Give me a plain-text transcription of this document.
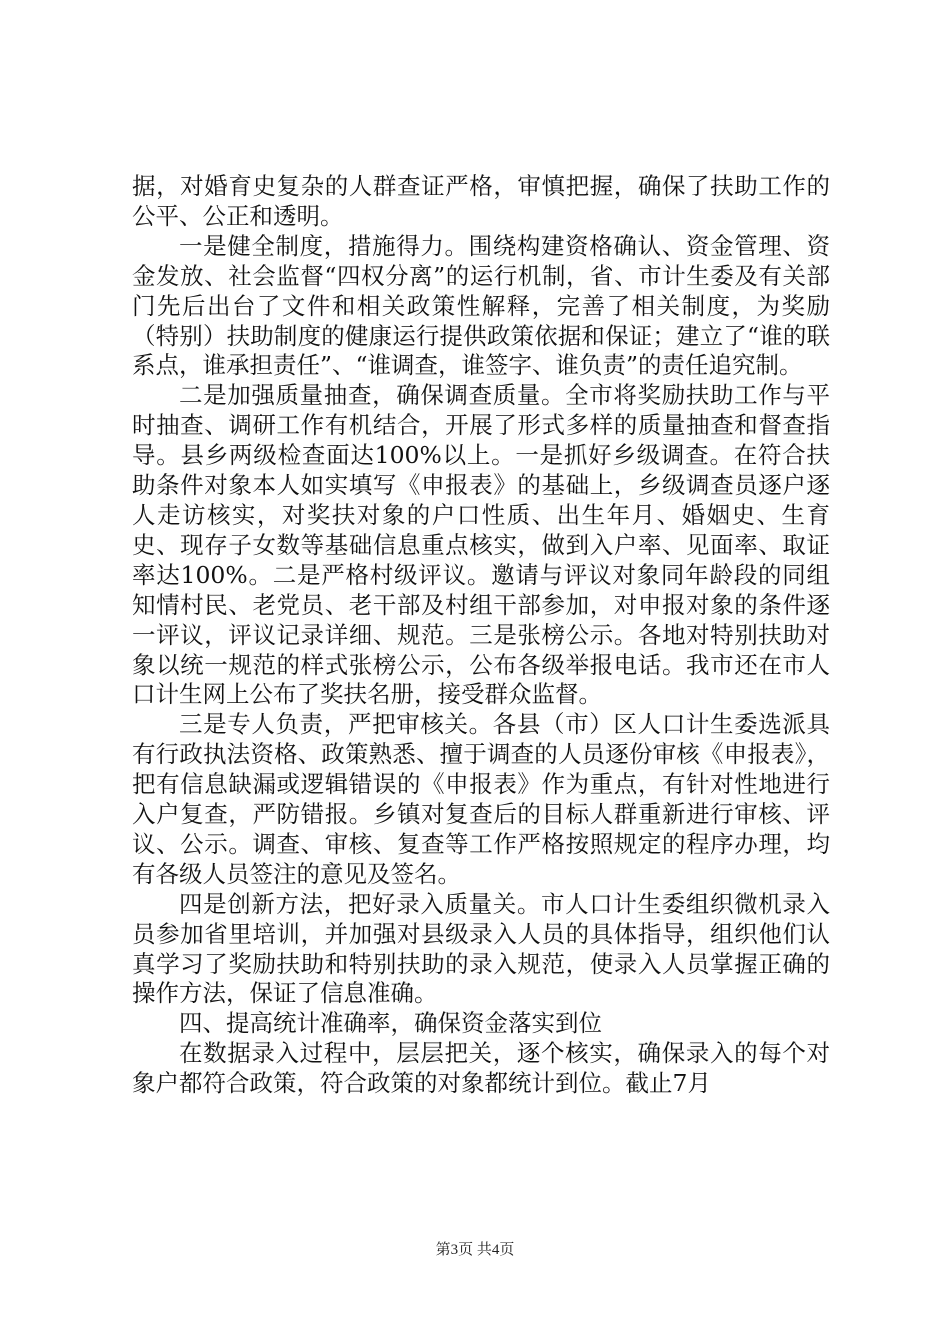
据，对婚育史复杂的人群查证严格，审慎把握，确保了扶助工作的公平、公正和透明。

一是健全制度，措施得力。围绕构建资格确认、资金管理、资金发放、社会监督“四权分离”的运行机制，省、市计生委及有关部门先后出台了文件和相关政策性解释，完善了相关制度，为奖励（特别）扶助制度的健康运行提供政策依据和保证；建立了“谁的联系点，谁承担责任”、“谁调查，谁签字、谁负责”的责任追究制。

二是加强质量抽查，确保调查质量。全市将奖励扶助工作与平时抽查、调研工作有机结合，开展了形式多样的质量抽查和督查指导。县乡两级检查面达100%以上。一是抓好乡级调查。在符合扶助条件对象本人如实填写《申报表》的基础上，乡级调查员逐户逐人走访核实，对奖扶对象的户口性质、出生年月、婚姻史、生育史、现存子女数等基础信息重点核实，做到入户率、见面率、取证率达100%。二是严格村级评议。邀请与评议对象同年龄段的同组知情村民、老党员、老干部及村组干部参加，对申报对象的条件逐一评议，评议记录详细、规范。三是张榜公示。各地对特别扶助对象以统一规范的样式张榜公示，公布各级举报电话。我市还在市人口计生网上公布了奖扶名册，接受群众监督。

三是专人负责，严把审核关。各县（市）区人口计生委选派具有行政执法资格、政策熟悉、擅于调查的人员逐份审核《申报表》，把有信息缺漏或逻辑错误的《申报表》作为重点，有针对性地进行入户复查，严防错报。乡镇对复查后的目标人群重新进行审核、评议、公示。调查、审核、复查等工作严格按照规定的程序办理，均有各级人员签注的意见及签名。

四是创新方法，把好录入质量关。市人口计生委组织微机录入员参加省里培训，并加强对县级录入人员的具体指导，组织他们认真学习了奖励扶助和特别扶助的录入规范，使录入人员掌握正确的操作方法，保证了信息准确。

四、提高统计准确率，确保资金落实到位

在数据录入过程中，层层把关，逐个核实，确保录入的每个对象户都符合政策，符合政策的对象都统计到位。截止7月

第3页 共4页
